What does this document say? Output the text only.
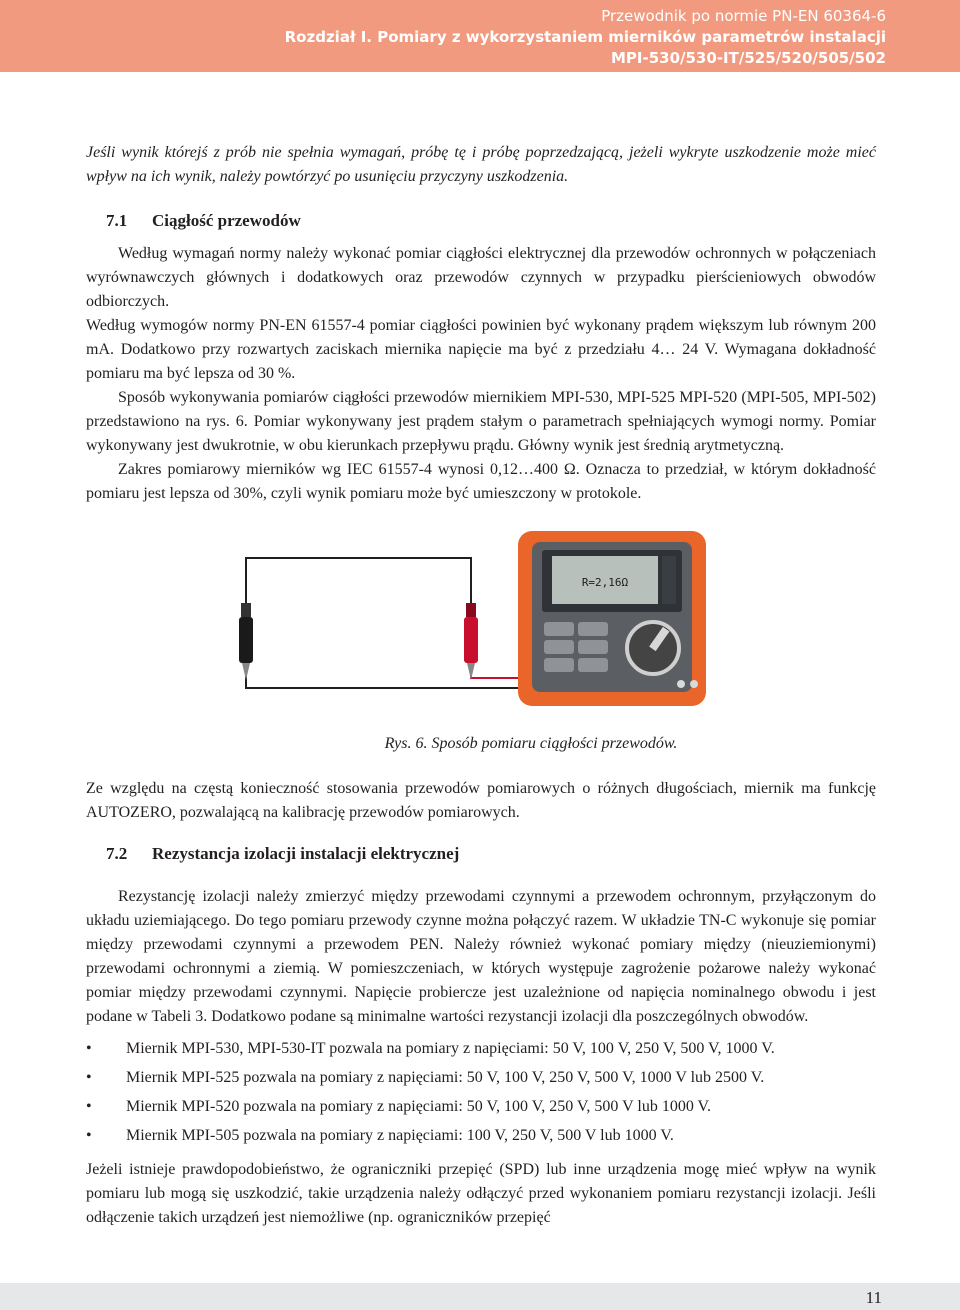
Przewodnik po normie PN-EN 60364-6
Rozdział I. Pomiary z wykorzystaniem mierników parametrów instalacji
MPI-530/530-IT/525/520/505/502

Jeśli wynik którejś z prób nie spełnia wymagań, próbę tę i próbę poprzedzającą, jeżeli wykryte uszkodzenie może mieć wpływ na ich wynik, należy powtórzyć po usunięciu przyczyny uszkodzenia.

7.1 Ciągłość przewodów

Według wymagań normy należy wykonać pomiar ciągłości elektrycznej dla przewodów ochronnych w połączeniach wyrównawczych głównych i dodatkowych oraz przewodów czynnych w przypadku pierścieniowych obwodów odbiorczych.

Według wymogów normy PN-EN 61557-4 pomiar ciągłości powinien być wykonany prądem większym lub równym 200 mA. Dodatkowo przy rozwartych zaciskach miernika napięcie ma być z przedziału 4… 24 V. Wymagana dokładność pomiaru ma być lepsza od 30 %.

Sposób wykonywania pomiarów ciągłości przewodów miernikiem MPI-530, MPI-525 MPI-520 (MPI-505, MPI-502) przedstawiono na rys. 6. Pomiar wykonywany jest prądem stałym o parametrach spełniających wymogi normy. Pomiar wykonywany jest dwukrotnie, w obu kierunkach przepływu prądu. Główny wynik jest średnią arytmetyczną.

Zakres pomiarowy mierników wg IEC 61557-4 wynosi 0,12…400 Ω. Oznacza to przedział, w którym dokładność pomiaru jest lepsza od 30%, czyli wynik pomiaru może być umieszczony w protokole.

R=2,16Ω
Rys. 6. Sposób pomiaru ciągłości przewodów.

Ze względu na częstą konieczność stosowania przewodów pomiarowych o różnych długościach, miernik ma funkcję AUTOZERO, pozwalającą na kalibrację przewodów pomiarowych.

7.2 Rezystancja izolacji instalacji elektrycznej

Rezystancję izolacji należy zmierzyć między przewodami czynnymi a przewodem ochronnym, przyłączonym do układu uziemiającego. Do tego pomiaru przewody czynne można połączyć razem. W układzie TN-C wykonuje się pomiar między przewodami czynnymi a przewodem PEN. Należy również wykonać pomiary między (nieuziemionymi) przewodami ochronnymi a ziemią. W pomieszczeniach, w których występuje zagrożenie pożarowe należy wykonać pomiar między przewodami czynnymi. Napięcie probiercze jest uzależnione od napięcia nominalnego obwodu i jest podane w Tabeli 3. Dodatkowo podane są minimalne wartości rezystancji izolacji dla poszczególnych obwodów.

• Miernik MPI-530, MPI-530-IT pozwala na pomiary z napięciami: 50 V, 100 V, 250 V, 500 V, 1000 V.
• Miernik MPI-525 pozwala na pomiary z napięciami: 50 V, 100 V, 250 V, 500 V, 1000 V lub 2500 V.
• Miernik MPI-520 pozwala na pomiary z napięciami: 50 V, 100 V, 250 V, 500 V lub 1000 V.
• Miernik MPI-505 pozwala na pomiary z napięciami: 100 V, 250 V, 500 V lub 1000 V.

Jeżeli istnieje prawdopodobieństwo, że ograniczniki przepięć (SPD) lub inne urządzenia mogę mieć wpływ na wynik pomiaru lub mogą się uszkodzić, takie urządzenia należy odłączyć przed wykonaniem pomiaru rezystancji izolacji. Jeśli odłączenie takich urządzeń jest niemożliwe (np. ograniczników przepięć

11
